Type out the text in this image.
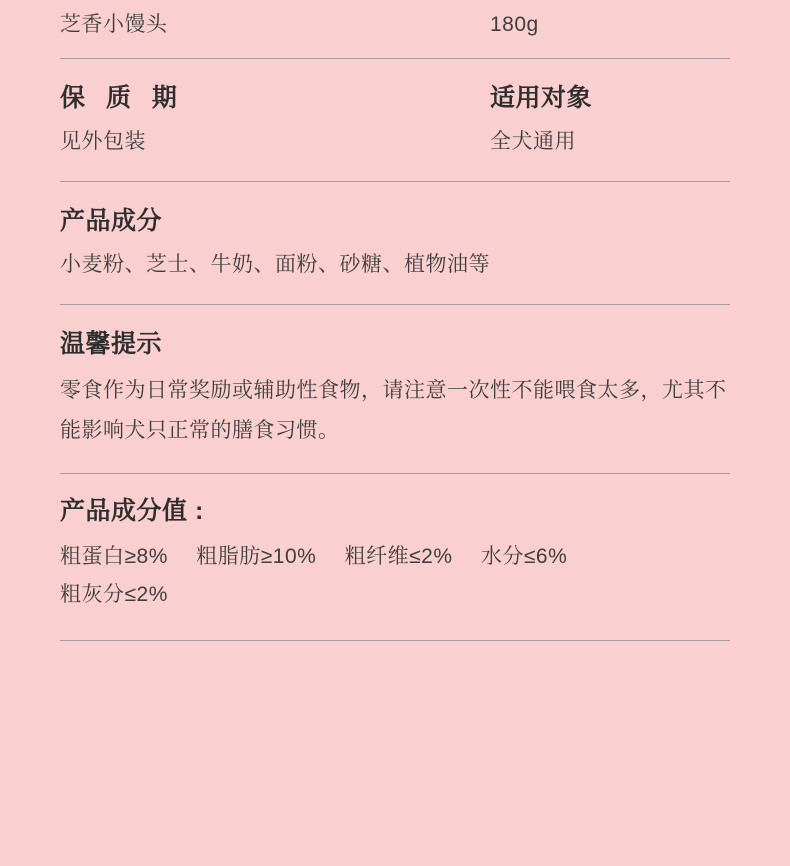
芝香小馒头	180g
保 质 期
见外包装
适用对象
全犬通用
产品成分
小麦粉、芝士、牛奶、面粉、砂糖、植物油等
温馨提示
零食作为日常奖励或辅助性食物，请注意一次性不能喂食太多，尤其不能影响犬只正常的膳食习惯。
产品成分值 :
粗蛋白≥8% 粗脂肪≥10% 粗纤维≤2% 水分≤6%
粗灰分≤2%
